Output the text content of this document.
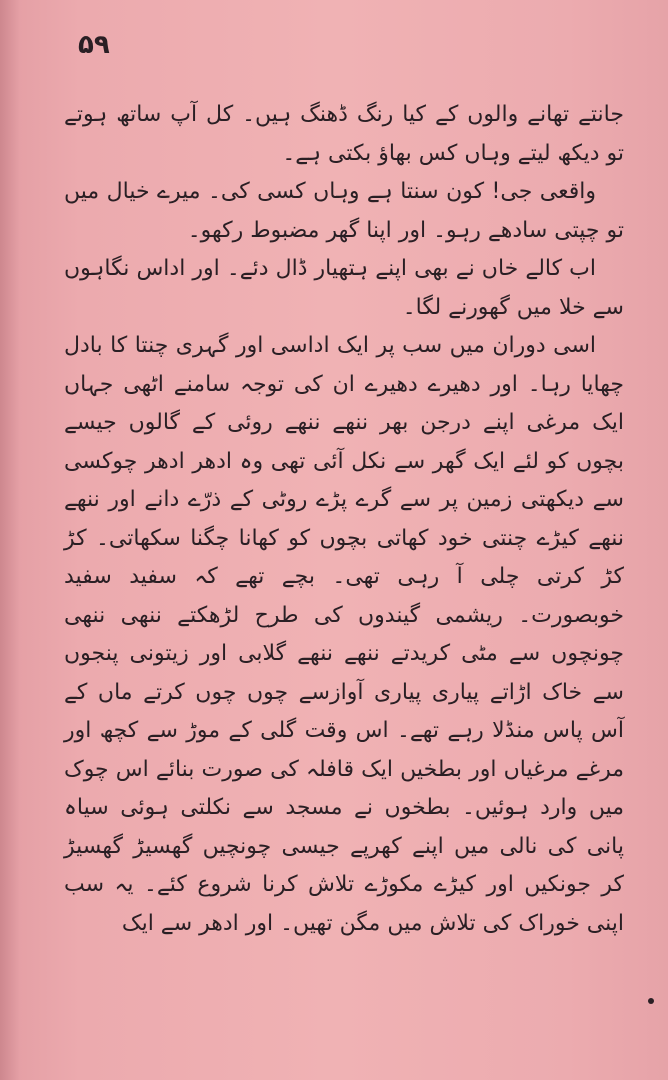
۵۹

جانتے تھانے والوں کے کیا رنگ ڈھنگ ہیں۔ کل آپ ساتھ ہوتے تو دیکھ لیتے وہاں کس بھاؤ بکتی ہے۔

واقعی جی! کون سنتا ہے وہاں کسی کی۔ میرے خیال میں تو چپتی سادھے رہو۔ اور اپنا گھر مضبوط رکھو۔

اب کالے خاں نے بھی اپنے ہتھیار ڈال دئے۔ اور اداس نگاہوں سے خلا میں گھورنے لگا۔

اسی دوران میں سب پر ایک اداسی اور گہری چنتا کا بادل چھایا رہا۔ اور دھیرے دھیرے ان کی توجہ سامنے اٹھی جہاں ایک مرغی اپنے درجن بھر ننھے ننھے روئی کے گالوں جیسے بچوں کو لئے ایک گھر سے نکل آئی تھی وہ ادھر ادھر چوکسی سے دیکھتی زمین پر سے گرے پڑے روٹی کے ذرّے دانے اور ننھے ننھے کیڑے چنتی خود کھاتی بچوں کو کھانا چگنا سکھاتی۔ کڑ کڑ کرتی چلی آ رہی تھی۔ بچے تھے کہ سفید سفید خوبصورت۔ ریشمی گیندوں کی طرح لڑھکتے ننھی ننھی چونچوں سے مٹی کریدتے ننھے ننھے گلابی اور زیتونی پنجوں سے خاک اڑاتے پیاری پیاری آوازسے چوں چوں کرتے ماں کے آس پاس منڈلا رہے تھے۔ اس وقت گلی کے موڑ سے کچھ اور مرغے مرغیاں اور بطخیں ایک قافلہ کی صورت بنائے اس چوک میں وارد ہوئیں۔ بطخوں نے مسجد سے نکلتی ہوئی سیاہ پانی کی نالی میں اپنے کھرپے جیسی چونچیں گھسیڑ گھسیڑ کر جونکیں اور کیڑے مکوڑے تلاش کرنا شروع کئے۔ یہ سب اپنی خوراک کی تلاش میں مگن تھیں۔ اور ادھر سے ایک
